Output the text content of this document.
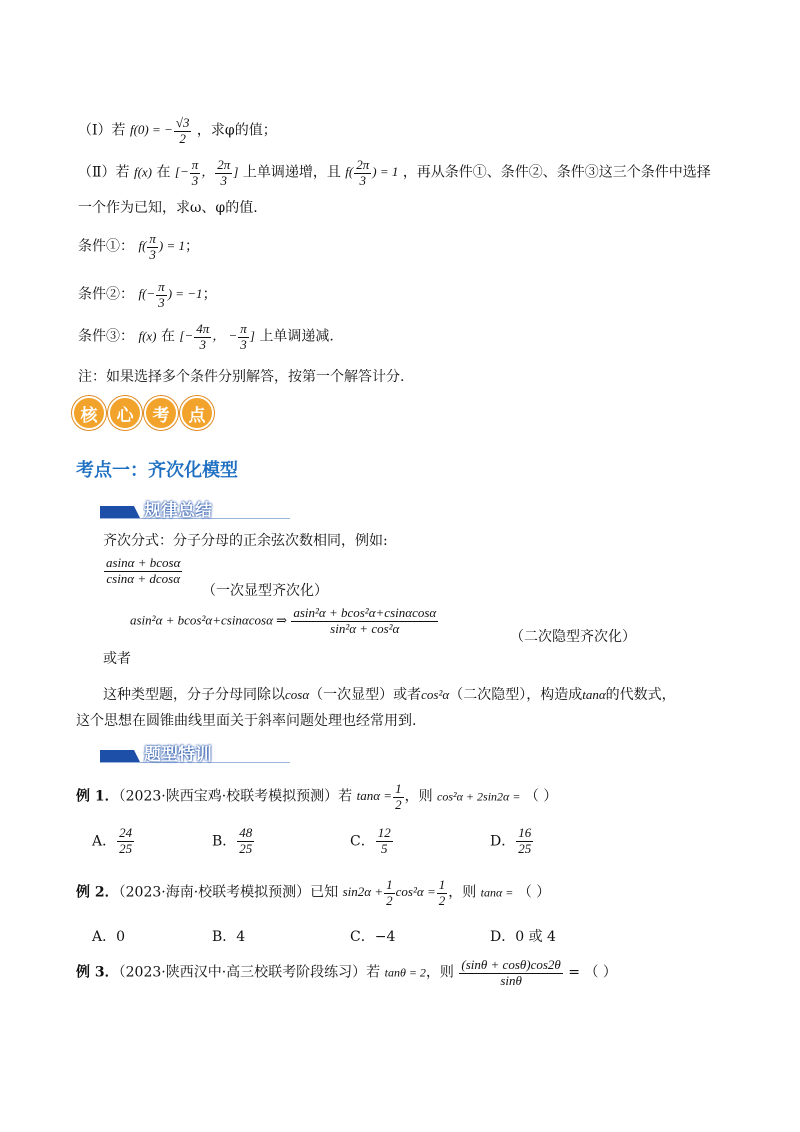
（Ⅰ）若 f(0) = − $\frac{√3}{2}$ ，求φ的值；
（Ⅱ）若 f(x) 在 [− $\frac{\pi}{3}$ ， $\frac{2\pi}{3}$ ] 上单调递增，且 $f( \frac{2\pi}{3}$ ) = 1 ，再从条件①、条件②、条件③这三个条件中选择
一个作为已知，求ω、φ的值.
条件①： $f( \frac{\pi}{3}$ ) = 1；
条件②： $f(- \frac{\pi}{3}$ ) = −1；
条件③： f(x) 在 [− $\frac{4\pi}{3}$ ， − $\frac{\pi}{3}$ ] 上单调递减.
注：如果选择多个条件分别解答，按第一个解答计分.
核	心	考	点
考点一：齐次化模型
规律总结
齐次分式：分子分母的正余弦次数相同，例如:
$\frac{asin\alpha + bcos\alpha}{csin\alpha + dcos\alpha}$
（一次显型齐次化）
asin²α + bcos²α+csinαcosα ⇒ $\frac{\text{asin²α + bcos²α+csinαcosα}}{\text{sin²α + cos²α}}$
（二次隐型齐次化）
或者
这种类型题，分子分母同除以cosα（一次显型）或者cos²α（二次隐型），构造成tanα的代数式，
这个思想在圆锥曲线里面关于斜率问题处理也经常用到.
题型特训
例 1．（2023·陕西宝鸡·校联考模拟预测）若 $\tan\alpha = \frac{1}{2}$ ，则 cos²α + 2sin2α = （ ）
A． $\frac{24}{25}$	B． $\frac{48}{25}$	C． $\frac{12}{5}$	D． $\frac{16}{25}$
例 2．（2023·海南·校联考模拟预测）已知 $\sin 2\alpha + \frac{1}{2} \cos^2\alpha = \frac{1}{2}$ ，则 tanα = （ ）
A．0	B．4	C．−4	D．0 或 4
例 3．（2023·陕西汉中·高三校联考阶段练习）若 tanθ = 2，则 $\frac{(\sin\theta + \cos\theta)\cos 2\theta}{\sin\theta}$ = （ ）
